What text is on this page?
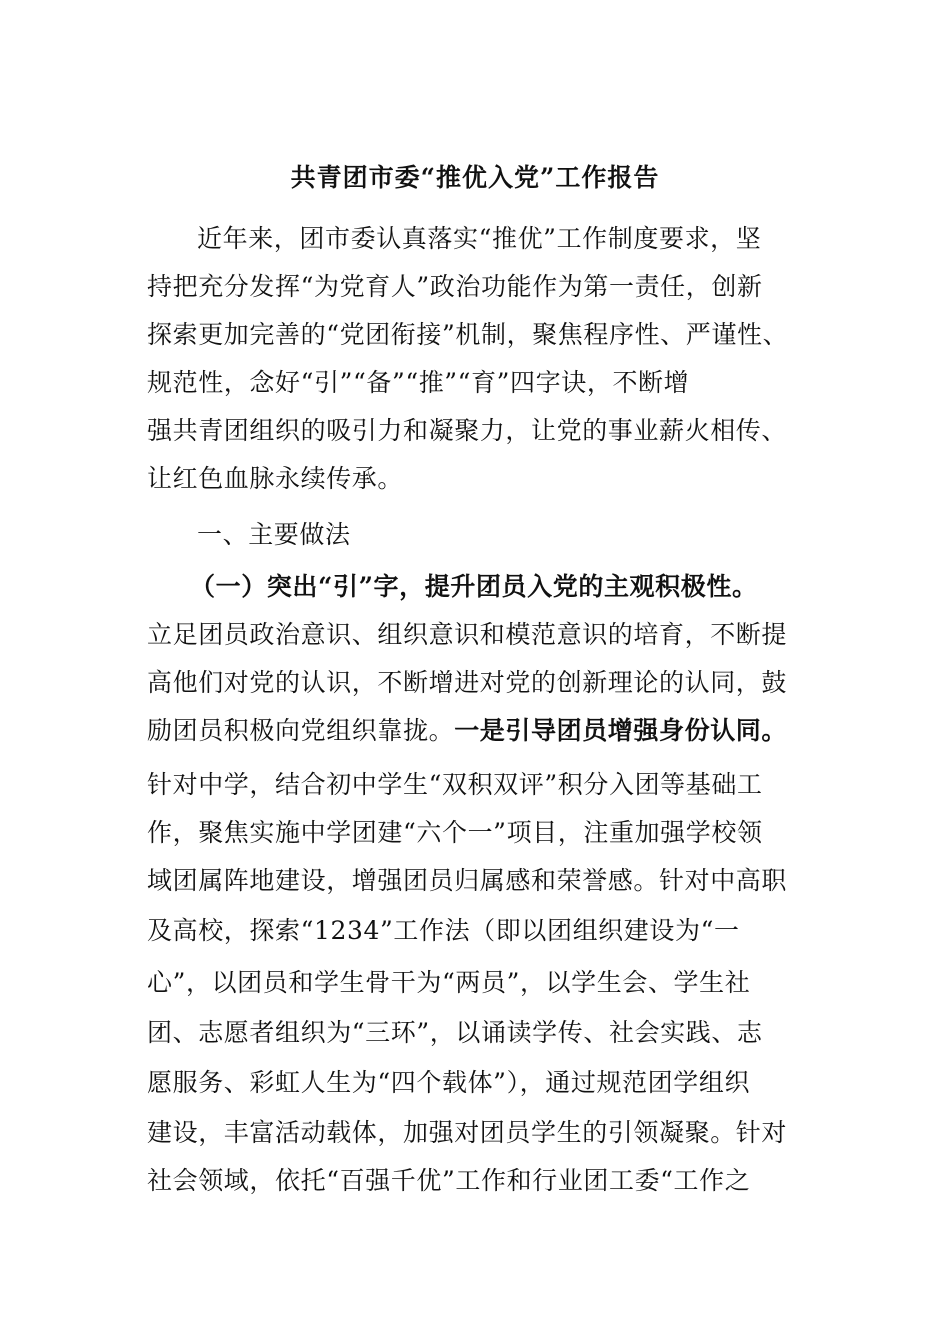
共青团市委“推优入党”工作报告

近年来，团市委认真落实“推优”工作制度要求，坚

持把充分发挥“为党育人”政治功能作为第一责任，创新

探索更加完善的“党团衔接”机制，聚焦程序性、严谨性、

规范性，念好“引”“备”“推”“育”四字诀，不断增

强共青团组织的吸引力和凝聚力，让党的事业薪火相传、

让红色血脉永续传承。

一、主要做法

（一）突出“引”字，提升团员入党的主观积极性。

立足团员政治意识、组织意识和模范意识的培育，不断提

高他们对党的认识，不断增进对党的创新理论的认同，鼓

励团员积极向党组织靠拢。一是引导团员增强身份认同。

针对中学，结合初中学生“双积双评”积分入团等基础工

作，聚焦实施中学团建“六个一”项目，注重加强学校领

域团属阵地建设，增强团员归属感和荣誉感。针对中高职

及高校，探索“1234”工作法（即以团组织建设为“一

心”，以团员和学生骨干为“两员”，以学生会、学生社

团、志愿者组织为“三环”，以诵读学传、社会实践、志

愿服务、彩虹人生为“四个载体”），通过规范团学组织

建设，丰富活动载体，加强对团员学生的引领凝聚。针对

社会领域，依托“百强千优”工作和行业团工委“工作之
